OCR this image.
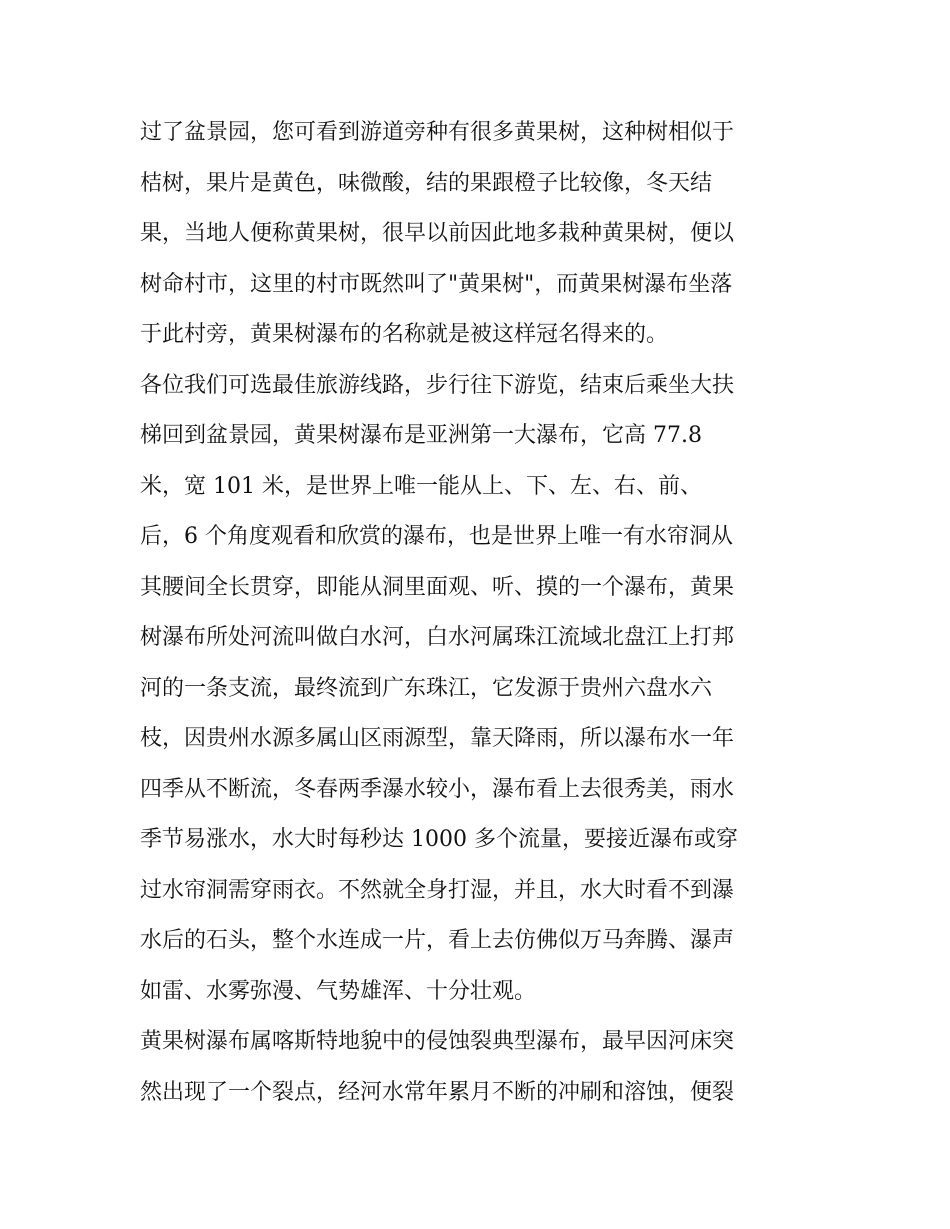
过了盆景园，您可看到游道旁种有很多黄果树，这种树相似于
桔树，果片是黄色，味微酸，结的果跟橙子比较像，冬天结
果，当地人便称黄果树，很早以前因此地多栽种黄果树，便以
树命村市，这里的村市既然叫了"黄果树"，而黄果树瀑布坐落
于此村旁，黄果树瀑布的名称就是被这样冠名得来的。
各位我们可选最佳旅游线路，步行往下游览，结束后乘坐大扶
梯回到盆景园，黄果树瀑布是亚洲第一大瀑布，它高 77.8
米，宽 101 米，是世界上唯一能从上、下、左、右、前、
后，6 个角度观看和欣赏的瀑布，也是世界上唯一有水帘洞从
其腰间全长贯穿，即能从洞里面观、听、摸的一个瀑布，黄果
树瀑布所处河流叫做白水河，白水河属珠江流域北盘江上打邦
河的一条支流，最终流到广东珠江，它发源于贵州六盘水六
枝，因贵州水源多属山区雨源型，靠天降雨，所以瀑布水一年
四季从不断流，冬春两季瀑水较小，瀑布看上去很秀美，雨水
季节易涨水，水大时每秒达 1000 多个流量，要接近瀑布或穿
过水帘洞需穿雨衣。不然就全身打湿，并且，水大时看不到瀑
水后的石头，整个水连成一片，看上去仿佛似万马奔腾、瀑声
如雷、水雾弥漫、气势雄浑、十分壮观。
黄果树瀑布属喀斯特地貌中的侵蚀裂典型瀑布，最早因河床突
然出现了一个裂点，经河水常年累月不断的冲刷和溶蚀，便裂
